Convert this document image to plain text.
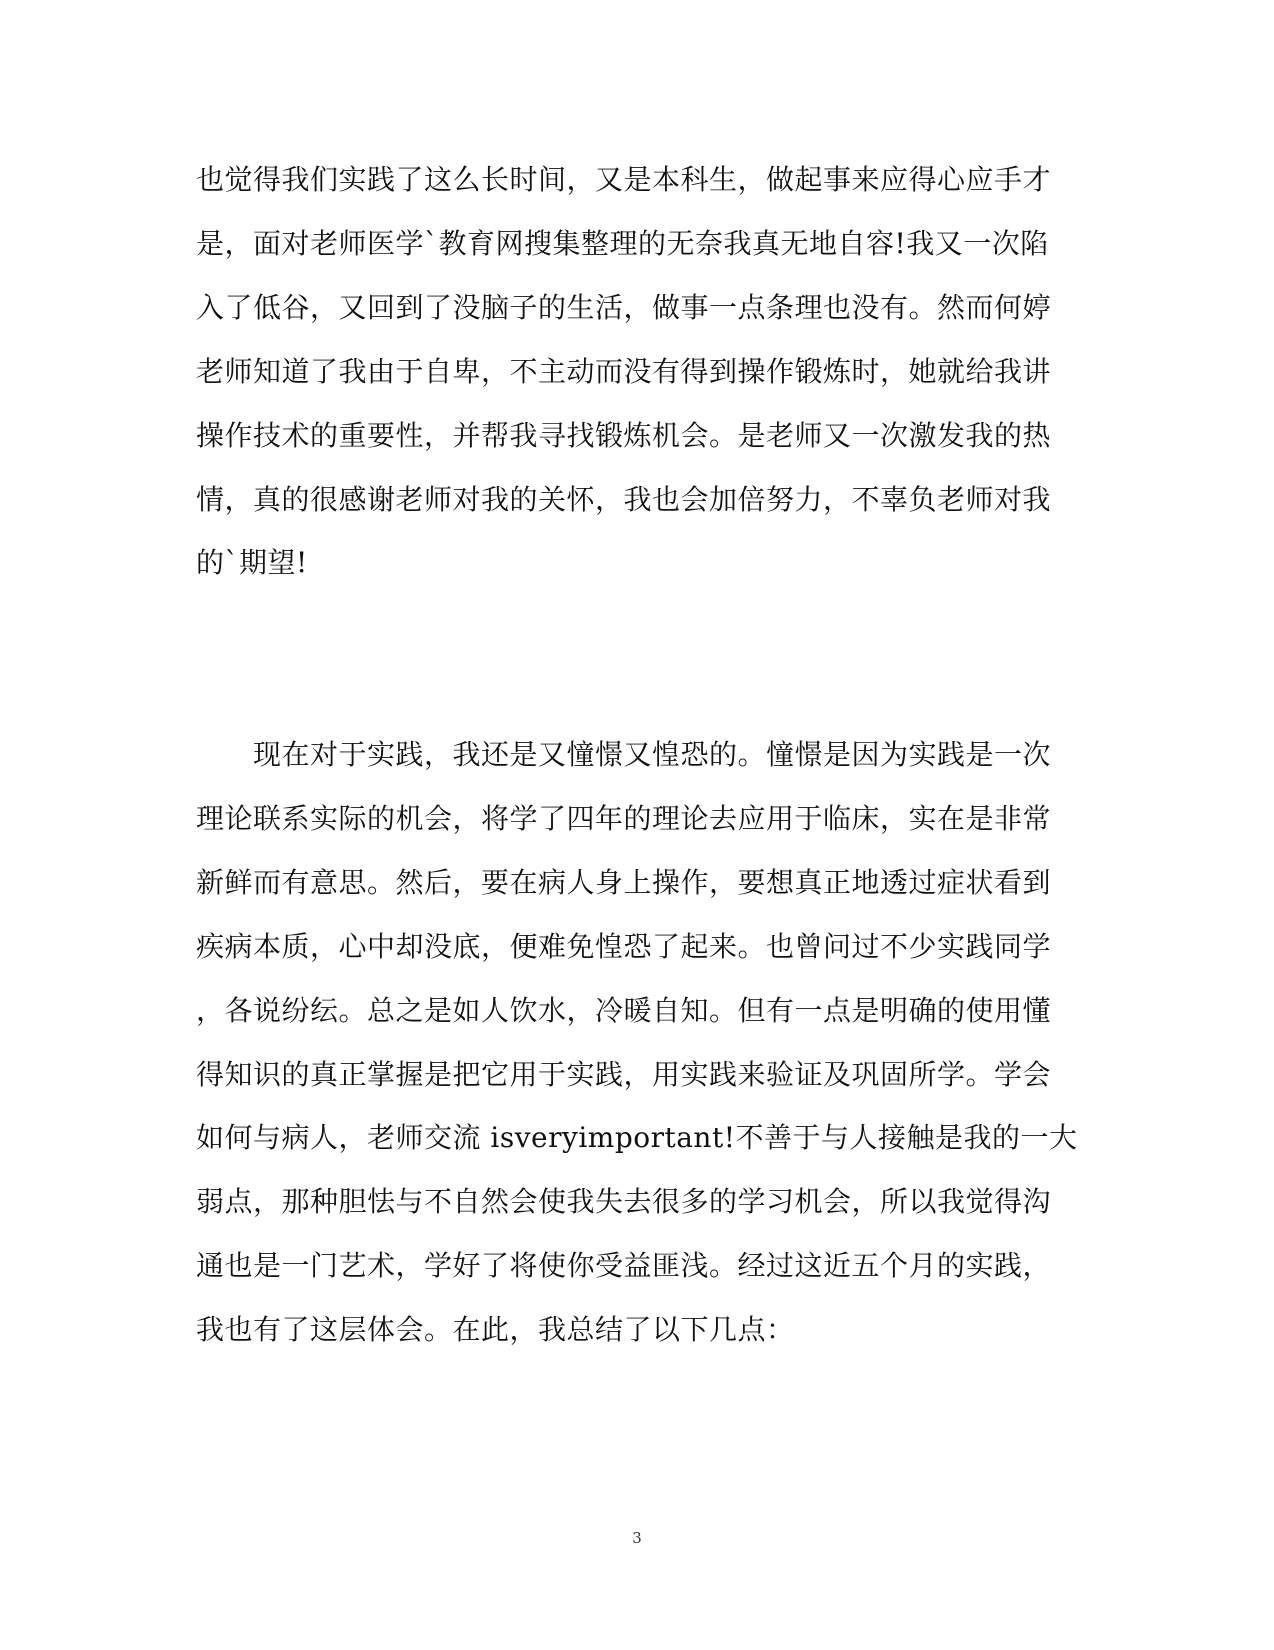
也觉得我们实践了这么长时间，又是本科生，做起事来应得心应手才
是，面对老师医学`教育网搜集整理的无奈我真无地自容!我又一次陷
入了低谷，又回到了没脑子的生活，做事一点条理也没有。然而何婷
老师知道了我由于自卑，不主动而没有得到操作锻炼时，她就给我讲
操作技术的重要性，并帮我寻找锻炼机会。是老师又一次激发我的热
情，真的很感谢老师对我的关怀，我也会加倍努力，不辜负老师对我
的`期望!
　　现在对于实践，我还是又憧憬又惶恐的。憧憬是因为实践是一次
理论联系实际的机会，将学了四年的理论去应用于临床，实在是非常
新鲜而有意思。然后，要在病人身上操作，要想真正地透过症状看到
疾病本质，心中却没底，便难免惶恐了起来。也曾问过不少实践同学
，各说纷纭。总之是如人饮水，冷暖自知。但有一点是明确的使用懂
得知识的真正掌握是把它用于实践，用实践来验证及巩固所学。学会
如何与病人，老师交流 isveryimportant!不善于与人接触是我的一大
弱点，那种胆怯与不自然会使我失去很多的学习机会，所以我觉得沟
通也是一门艺术，学好了将使你受益匪浅。经过这近五个月的实践，
我也有了这层体会。在此，我总结了以下几点：
3
